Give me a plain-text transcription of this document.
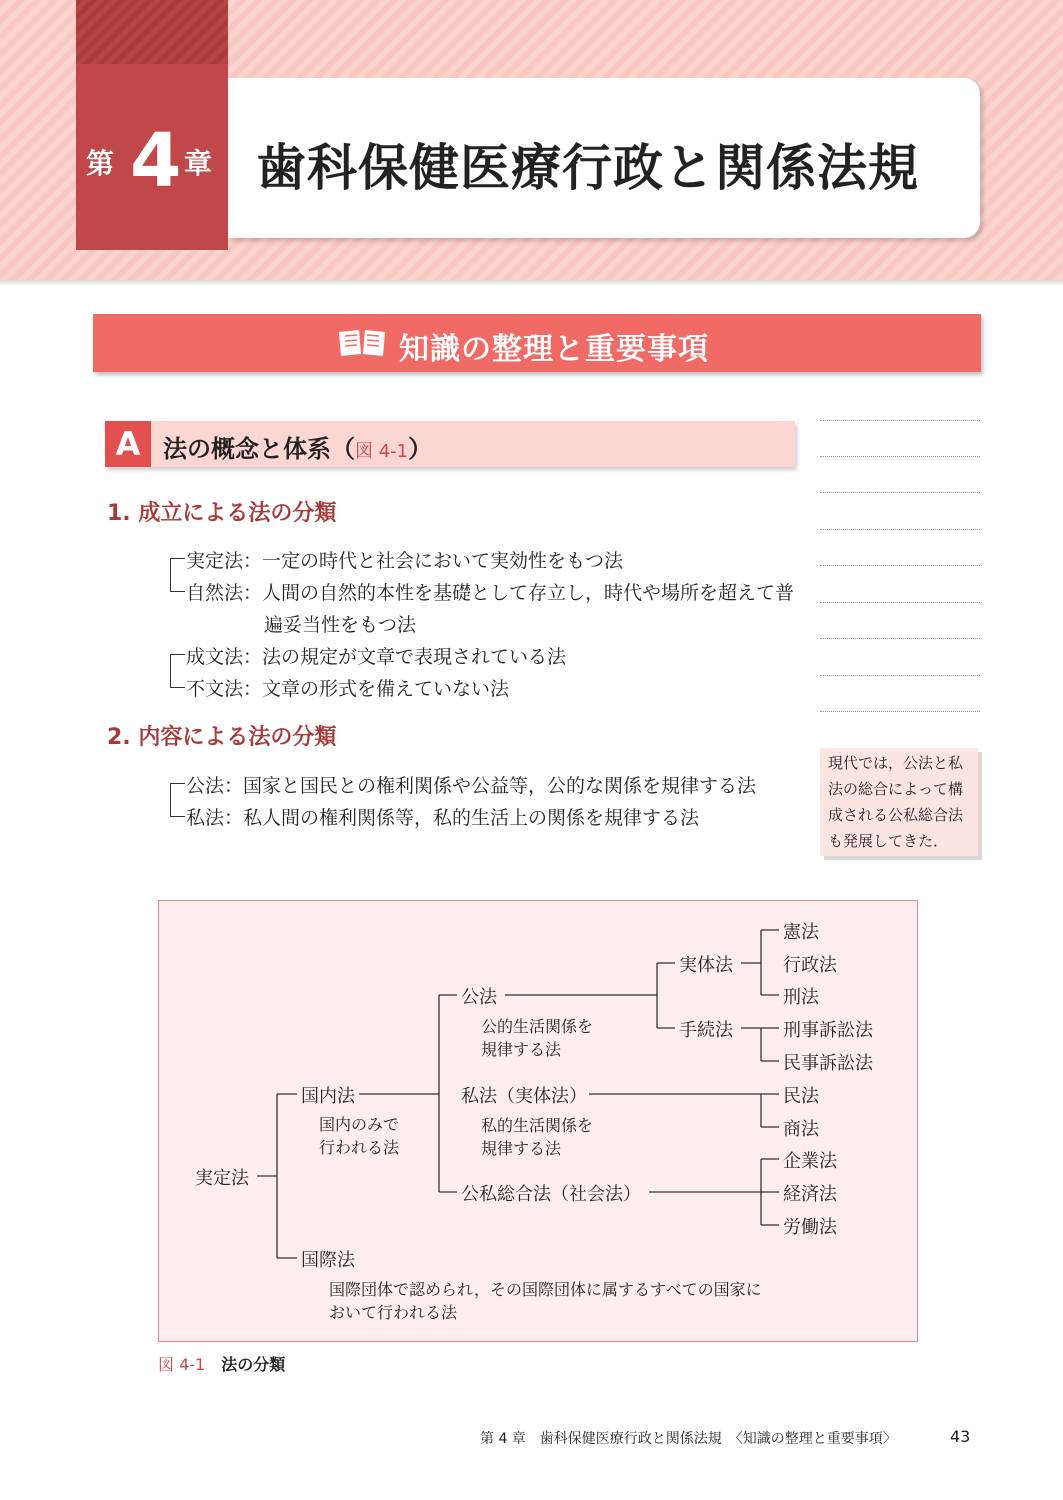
第 4 章 歯科保健医療行政と関係法規
知識の整理と重要事項
A 法の概念と体系（図 4-1）
1. 成立による法の分類
実定法：一定の時代と社会において実効性をもつ法
自然法：人間の自然的本性を基礎として存立し，時代や場所を超えて普
遍妥当性をもつ法
成文法：法の規定が文章で表現されている法
不文法：文章の形式を備えていない法
2. 内容による法の分類
公法：国家と国民との権利関係や公益等，公的な関係を規律する法
私法：私人間の権利関係等，私的生活上の関係を規律する法
現代では，公法と私
法の総合によって構
成される公私総合法
も発展してきた．
実定法
国内法
国内のみで
行われる法
国際法
国際団体で認められ，その国際団体に属するすべての国家に
おいて行われる法
公法
公的生活関係を
規律する法
私法（実体法）
私的生活関係を
規律する法
公私総合法（社会法）
実体法
手続法
憲法
行政法
刑法
刑事訴訟法
民事訴訟法
民法
商法
企業法
経済法
労働法
図 4-1 法の分類
第 4 章　歯科保健医療行政と関係法規　〈知識の整理と重要事項〉	43
